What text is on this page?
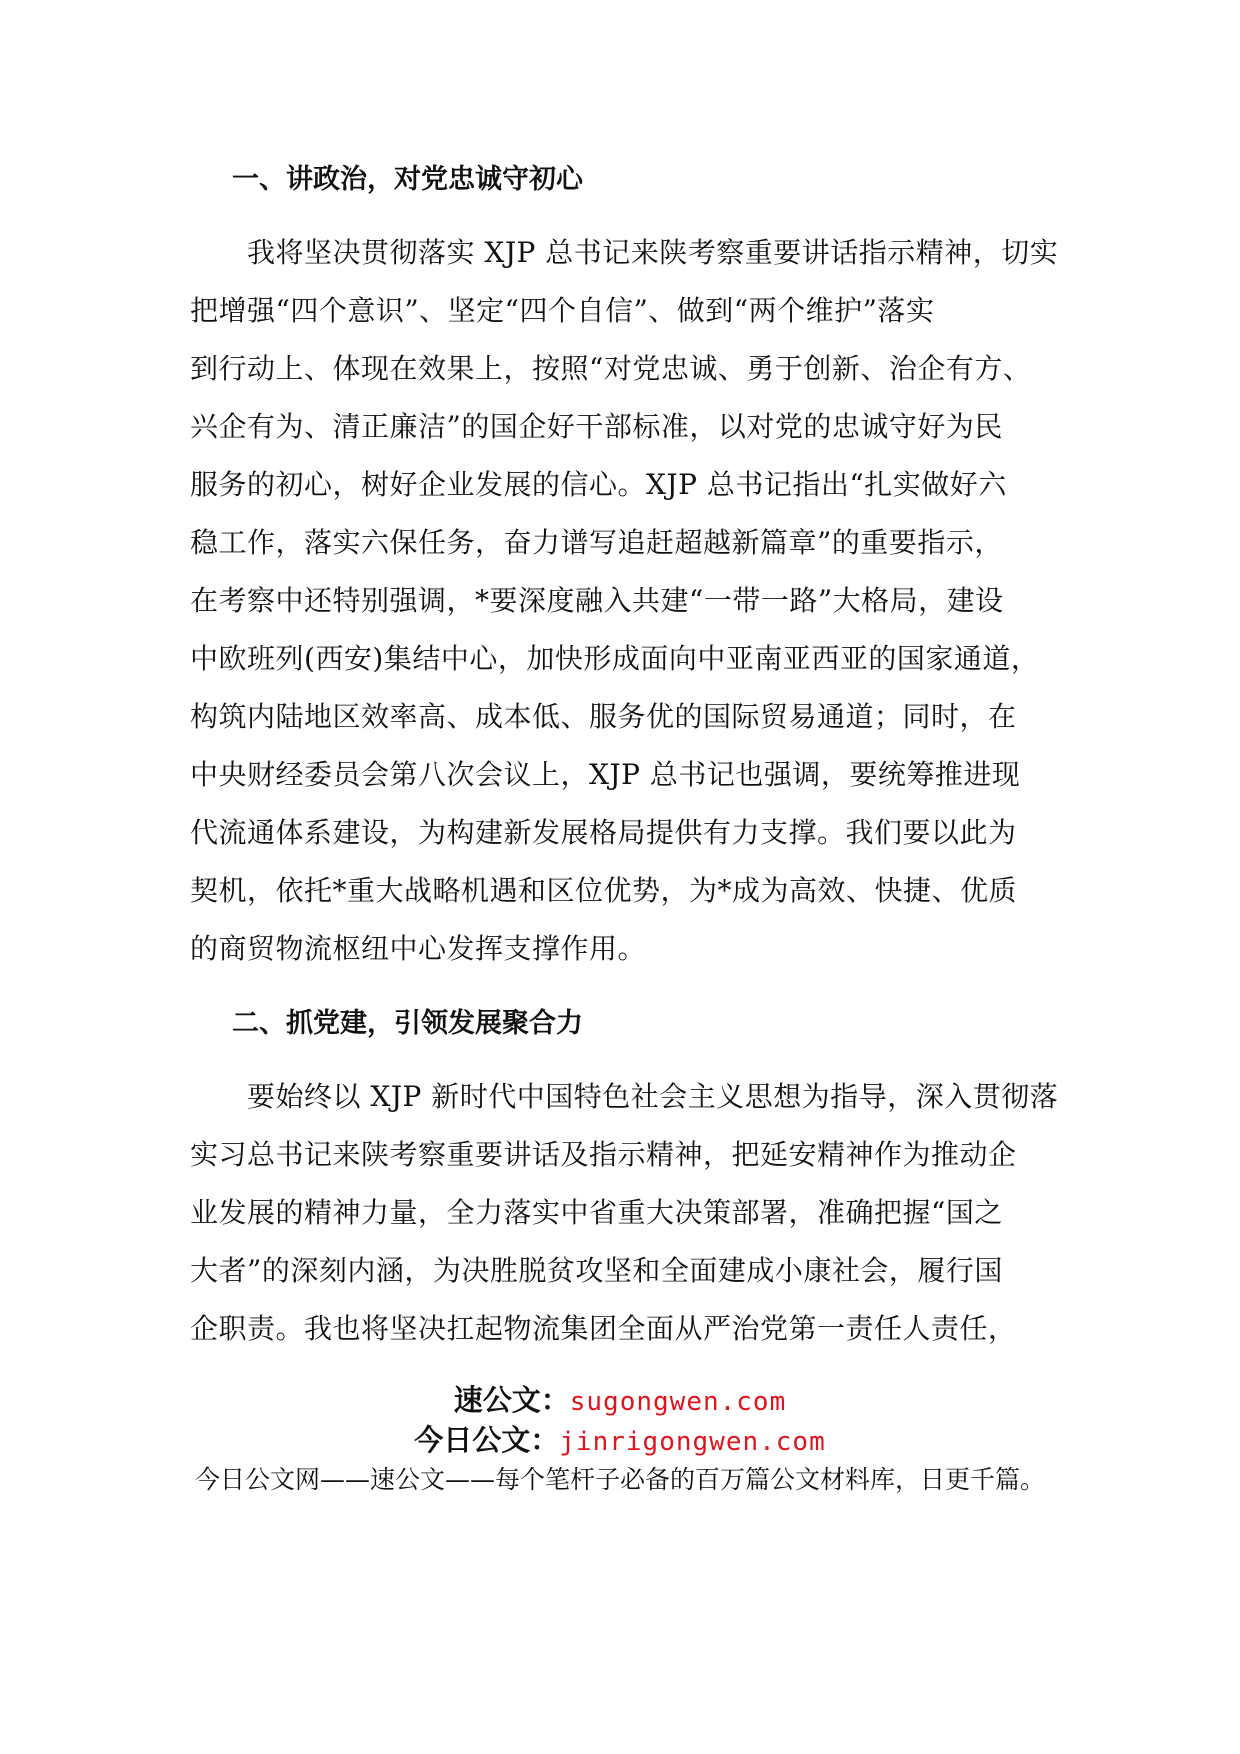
一、讲政治，对党忠诚守初心
　　我将坚决贯彻落实 XJP 总书记来陕考察重要讲话指示精神，切实
把增强“四个意识”、坚定“四个自信”、做到“两个维护”落实
到行动上、体现在效果上，按照“对党忠诚、勇于创新、治企有方、
兴企有为、清正廉洁”的国企好干部标准，以对党的忠诚守好为民
服务的初心，树好企业发展的信心。XJP 总书记指出“扎实做好六
稳工作，落实六保任务，奋力谱写追赶超越新篇章”的重要指示，
在考察中还特别强调，*要深度融入共建“一带一路”大格局，建设
中欧班列(西安)集结中心，加快形成面向中亚南亚西亚的国家通道，
构筑内陆地区效率高、成本低、服务优的国际贸易通道；同时，在
中央财经委员会第八次会议上，XJP 总书记也强调，要统筹推进现
代流通体系建设，为构建新发展格局提供有力支撑。我们要以此为
契机，依托*重大战略机遇和区位优势，为*成为高效、快捷、优质
的商贸物流枢纽中心发挥支撑作用。
二、抓党建，引领发展聚合力
　　要始终以 XJP 新时代中国特色社会主义思想为指导，深入贯彻落
实习总书记来陕考察重要讲话及指示精神，把延安精神作为推动企
业发展的精神力量，全力落实中省重大决策部署，准确把握“国之
大者”的深刻内涵，为决胜脱贫攻坚和全面建成小康社会，履行国
企职责。我也将坚决扛起物流集团全面从严治党第一责任人责任，
速公文：sugongwen.com
今日公文：jinrigongwen.com
今日公文网——速公文——每个笔杆子必备的百万篇公文材料库，日更千篇。
